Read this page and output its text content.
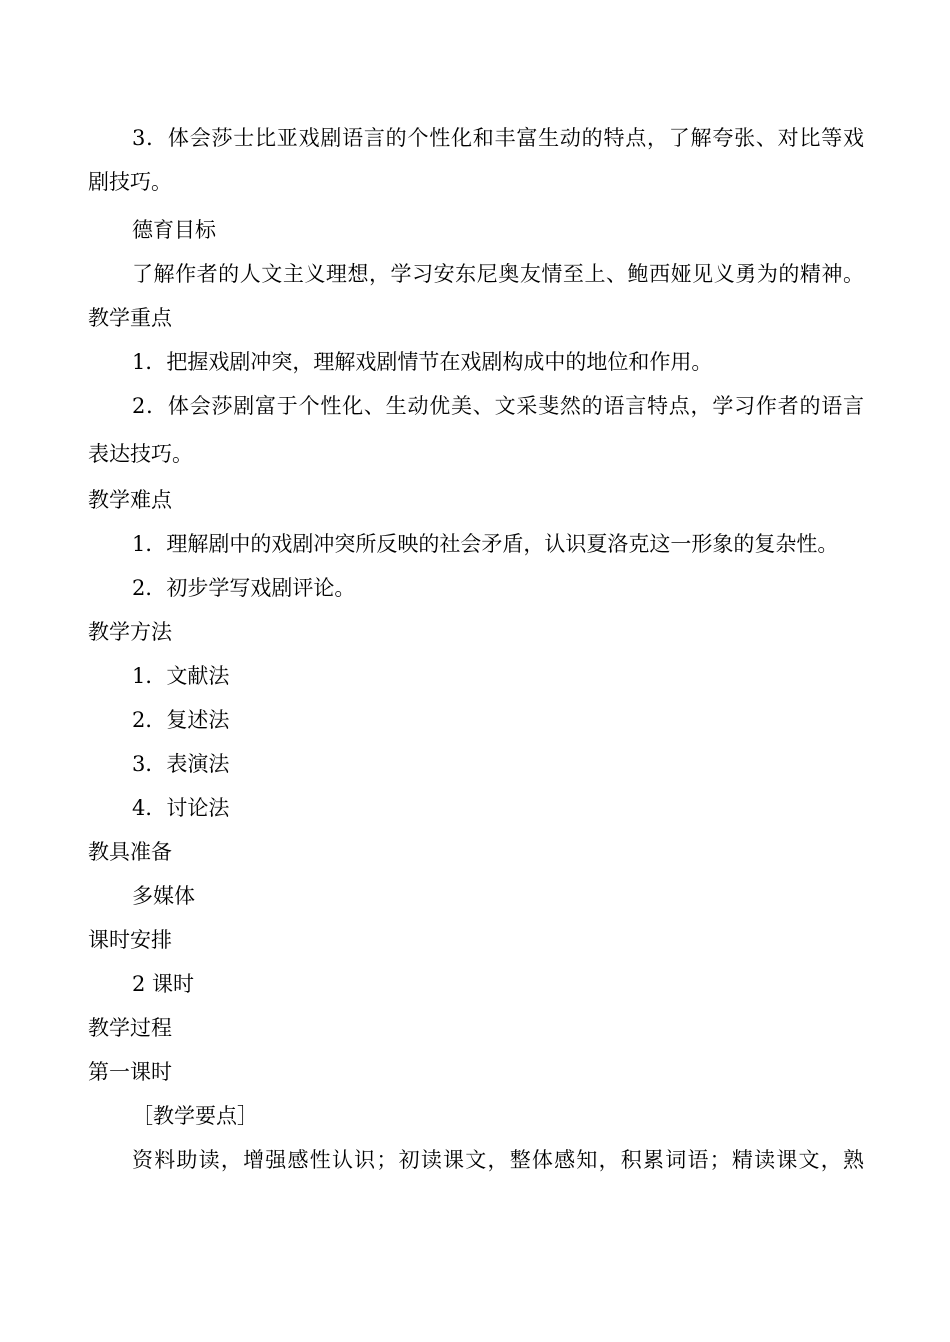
3．体会莎士比亚戏剧语言的个性化和丰富生动的特点，了解夸张、对比等戏
剧技巧。
德育目标
了解作者的人文主义理想，学习安东尼奥友情至上、鲍西娅见义勇为的精神。
教学重点
1．把握戏剧冲突，理解戏剧情节在戏剧构成中的地位和作用。
2．体会莎剧富于个性化、生动优美、文采斐然的语言特点，学习作者的语言
表达技巧。
教学难点
1．理解剧中的戏剧冲突所反映的社会矛盾，认识夏洛克这一形象的复杂性。
2．初步学写戏剧评论。
教学方法
1．文献法
2．复述法
3．表演法
4．讨论法
教具准备
多媒体
课时安排
2 课时
教学过程
第一课时
［教学要点］
资料助读，增强感性认识；初读课文，整体感知，积累词语；精读课文，熟
